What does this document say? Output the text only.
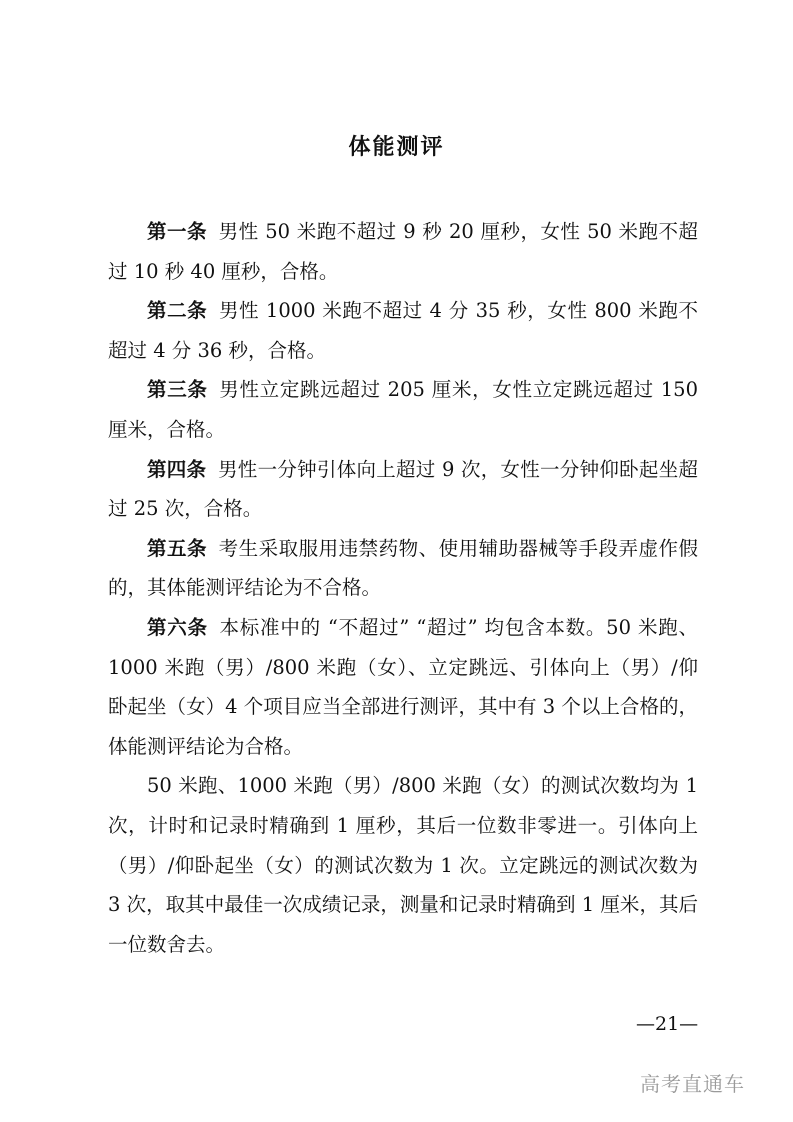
体能测评

第一条 男性 50 米跑不超过 9 秒 20 厘秒，女性 50 米跑不超过 10 秒 40 厘秒，合格。

第二条 男性 1000 米跑不超过 4 分 35 秒，女性 800 米跑不超过 4 分 36 秒，合格。

第三条 男性立定跳远超过 205 厘米，女性立定跳远超过 150 厘米，合格。

第四条 男性一分钟引体向上超过 9 次，女性一分钟仰卧起坐超过 25 次，合格。

第五条 考生采取服用违禁药物、使用辅助器械等手段弄虚作假的，其体能测评结论为不合格。

第六条 本标准中的 “不超过” “超过” 均包含本数。50 米跑、1000 米跑（男）/800 米跑（女）、立定跳远、引体向上（男）/仰卧起坐（女）4 个项目应当全部进行测评，其中有 3 个以上合格的，体能测评结论为合格。

50 米跑、1000 米跑（男）/800 米跑（女）的测试次数均为 1 次，计时和记录时精确到 1 厘秒，其后一位数非零进一。引体向上（男）/仰卧起坐（女）的测试次数为 1 次。立定跳远的测试次数为 3 次，取其中最佳一次成绩记录，测量和记录时精确到 1 厘米，其后一位数舍去。

—21—
高考直通车
